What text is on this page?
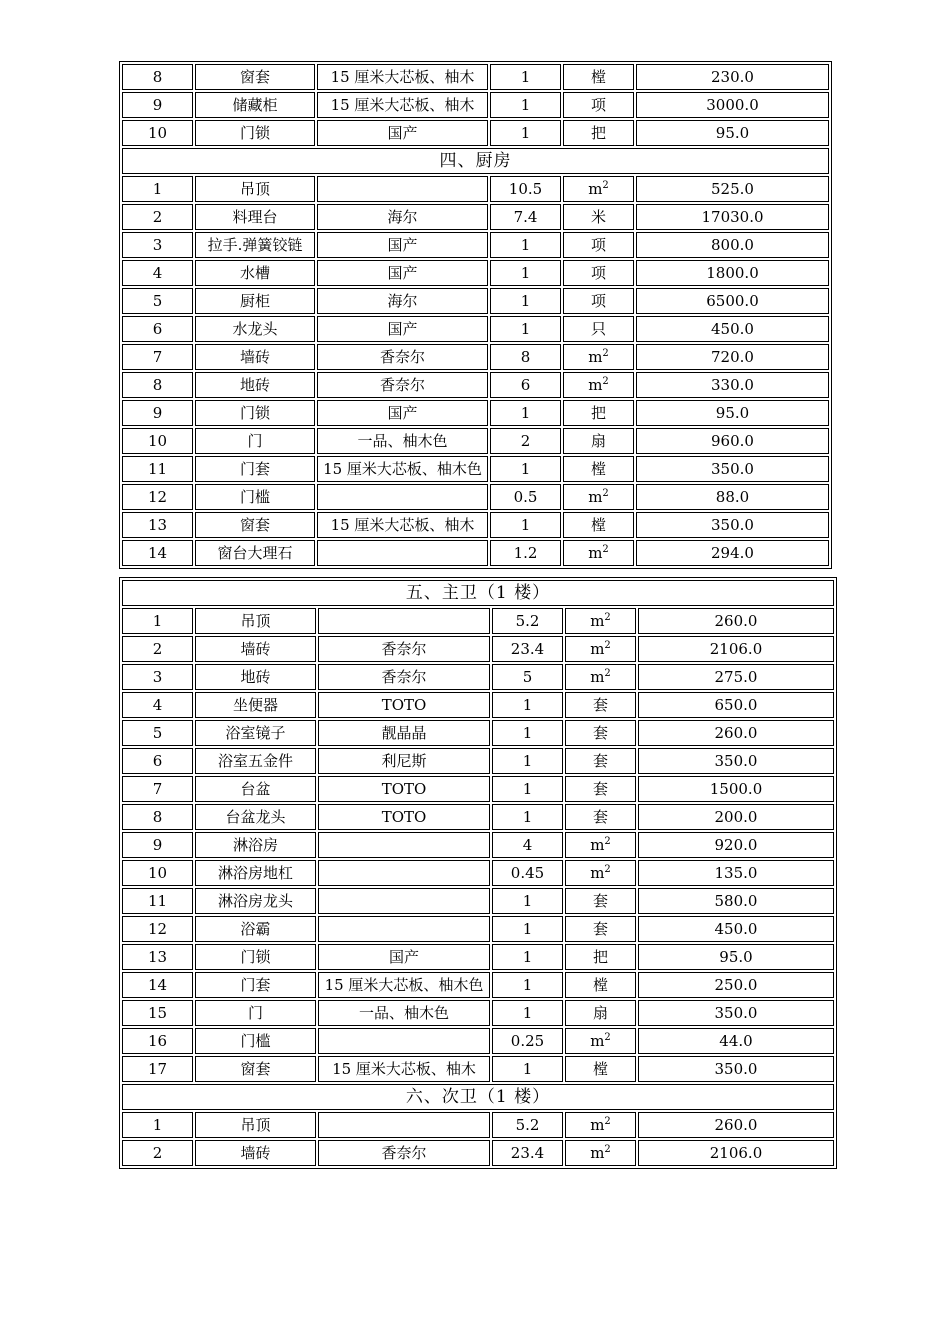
8	窗套	15 厘米大芯板、柚木	1	樘	230.0
9	储藏柜	15 厘米大芯板、柚木	1	项	3000.0
10	门锁	国产	1	把	95.0
四、厨房					
1	吊顶		10.5	$m^2$	525.0
2	料理台	海尔	7.4	米	17030.0
3	拉手.弹簧铰链	国产	1	项	800.0
4	水槽	国产	1	项	1800.0
5	厨柜	海尔	1	项	6500.0
6	水龙头	国产	1	只	450.0
7	墙砖	香奈尔	8	$m^2$	720.0
8	地砖	香奈尔	6	$m^2$	330.0
9	门锁	国产	1	把	95.0
10	门	一品、柚木色	2	扇	960.0
11	门套	15 厘米大芯板、柚木色	1	樘	350.0
12	门槛		0.5	$m^2$	88.0
13	窗套	15 厘米大芯板、柚木	1	樘	350.0
14	窗台大理石		1.2	$m^2$	294.0
五、主卫（1 楼）					
1	吊顶		5.2	$m^2$	260.0
2	墙砖	香奈尔	23.4	$m^2$	2106.0
3	地砖	香奈尔	5	$m^2$	275.0
4	坐便器	TOTO	1	套	650.0
5	浴室镜子	靓晶晶	1	套	260.0
6	浴室五金件	利尼斯	1	套	350.0
7	台盆	TOTO	1	套	1500.0
8	台盆龙头	TOTO	1	套	200.0
9	淋浴房		4	$m^2$	920.0
10	淋浴房地杠		0.45	$m^2$	135.0
11	淋浴房龙头		1	套	580.0
12	浴霸		1	套	450.0
13	门锁	国产	1	把	95.0
14	门套	15 厘米大芯板、柚木色	1	樘	250.0
15	门	一品、柚木色	1	扇	350.0
16	门槛		0.25	$m^2$	44.0
17	窗套	15 厘米大芯板、柚木	1	樘	350.0
六、次卫（1 楼）					
1	吊顶		5.2	$m^2$	260.0
2	墙砖	香奈尔	23.4	$m^2$	2106.0
